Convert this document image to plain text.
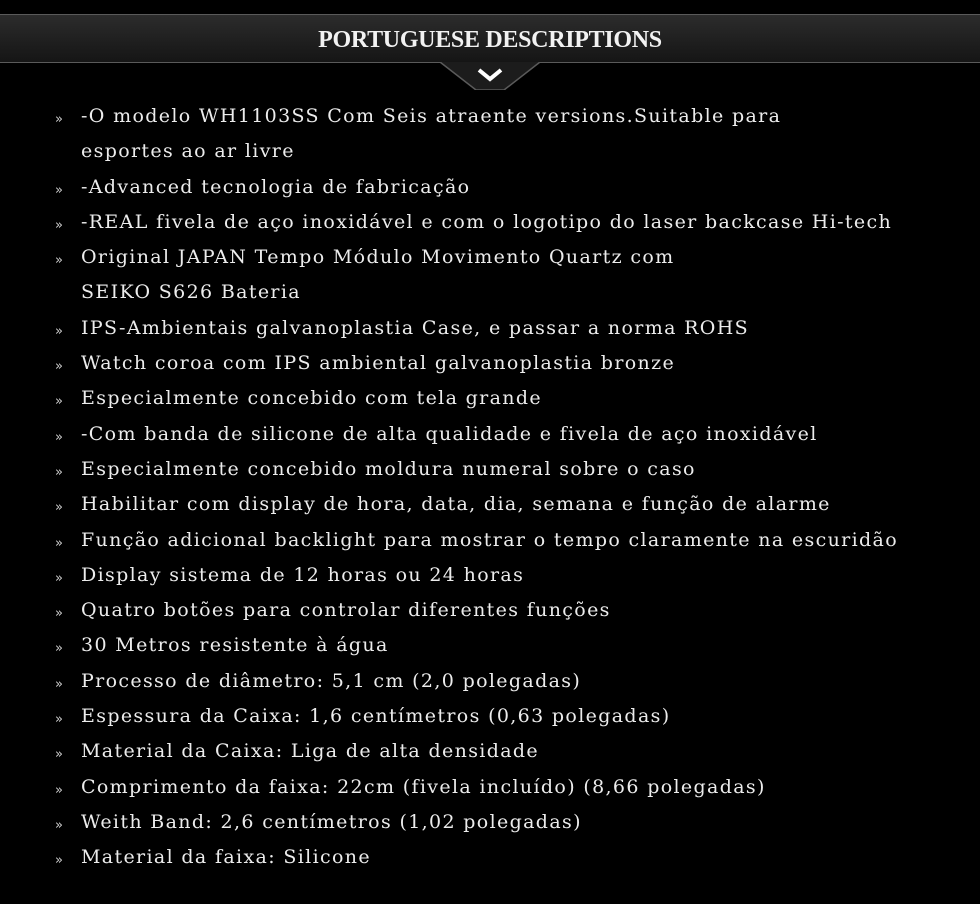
PORTUGUESE DESCRIPTIONS
» -O modelo WH1103SS Com Seis atraente versions.Suitable para
esportes ao ar livre
» -Advanced tecnologia de fabricação
» -REAL fivela de aço inoxidável e com o logotipo do laser backcase Hi-tech
» Original JAPAN Tempo Módulo Movimento Quartz com
SEIKO S626 Bateria
» IPS-Ambientais galvanoplastia Case, e passar a norma ROHS
» Watch coroa com IPS ambiental galvanoplastia bronze
» Especialmente concebido com tela grande
» -Com banda de silicone de alta qualidade e fivela de aço inoxidável
» Especialmente concebido moldura numeral sobre o caso
» Habilitar com display de hora, data, dia, semana e função de alarme
» Função adicional backlight para mostrar o tempo claramente na escuridão
» Display sistema de 12 horas ou 24 horas
» Quatro botões para controlar diferentes funções
» 30 Metros resistente à água
» Processo de diâmetro: 5,1 cm (2,0 polegadas)
» Espessura da Caixa: 1,6 centímetros (0,63 polegadas)
» Material da Caixa: Liga de alta densidade
» Comprimento da faixa: 22cm (fivela incluído) (8,66 polegadas)
» Weith Band: 2,6 centímetros (1,02 polegadas)
» Material da faixa: Silicone
